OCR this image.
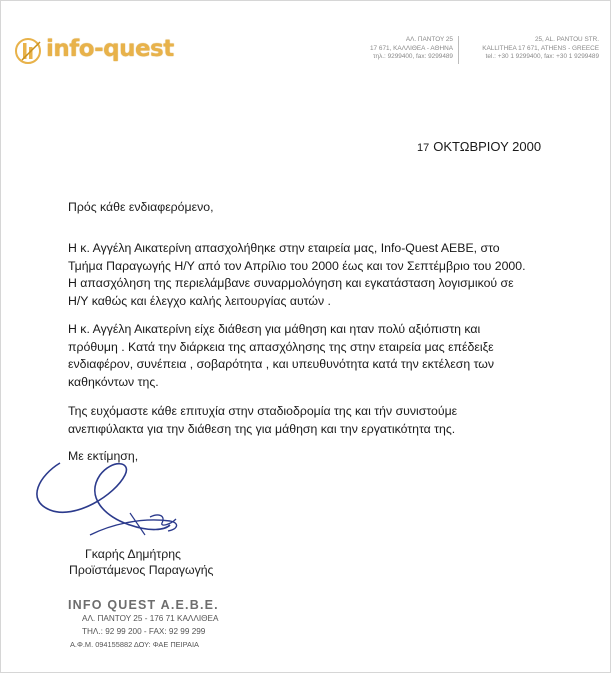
info-quest	ΑΛ. ΠΑΝΤΟΥ 25
17 671, ΚΑΛΛΙΘΕΑ - ΑΘΗΝΑ
τηλ.: 9299400, fax: 9299489
25, AL. PANTOU STR.
KALLITHEA 17 671, ATHENS - GREECE
tel.: +30 1 9299400, fax: +30 1 9299489
17 ΟΚΤΩΒΡΙΟΥ 2000
Πρός κάθε ενδιαφερόμενο,
Η κ. Αγγέλη Αικατερίνη απασχολήθηκε στην εταιρεία μας, Info-Quest AEBE, στο
Τμήμα Παραγωγής Η/Υ από τον Απρίλιο του 2000 έως και τον Σεπτέμβριο του 2000.
Η απασχόληση της περιελάμβανε συναρμολόγηση και εγκατάσταση λογισμικού σε
Η/Υ καθώς και έλεγχο καλής λειτουργίας αυτών .
Η κ. Αγγέλη Αικατερίνη είχε διάθεση για μάθηση και ηταν πολύ αξιόπιστη και
πρόθυμη . Κατά την διάρκεια της απασχόλησης της στην εταιρεία μας επέδειξε
ενδιαφέρον, συνέπεια , σοβαρότητα , και υπευθυνότητα κατά την εκτέλεση των
καθηκόντων της.
Της ευχόμαστε κάθε επιτυχία στην σταδιοδρομία της και τήν συνιστούμε
ανεπιφύλακτα για την διάθεση της για μάθηση και την εργατικότητα της.
Με εκτίμηση,
Γκαρής Δημήτρης
Προϊστάμενος Παραγωγής
INFO QUEST A.E.B.E.
ΑΛ. ΠΑΝΤΟΥ 25 - 176 71 ΚΑΛΛΙΘΕΑ
ΤΗΛ.: 92 99 200 - FAX: 92 99 299
Α.Φ.Μ. 094155882 ΔΟΥ: ΦΑΕ ΠΕΙΡΑΙΑ
